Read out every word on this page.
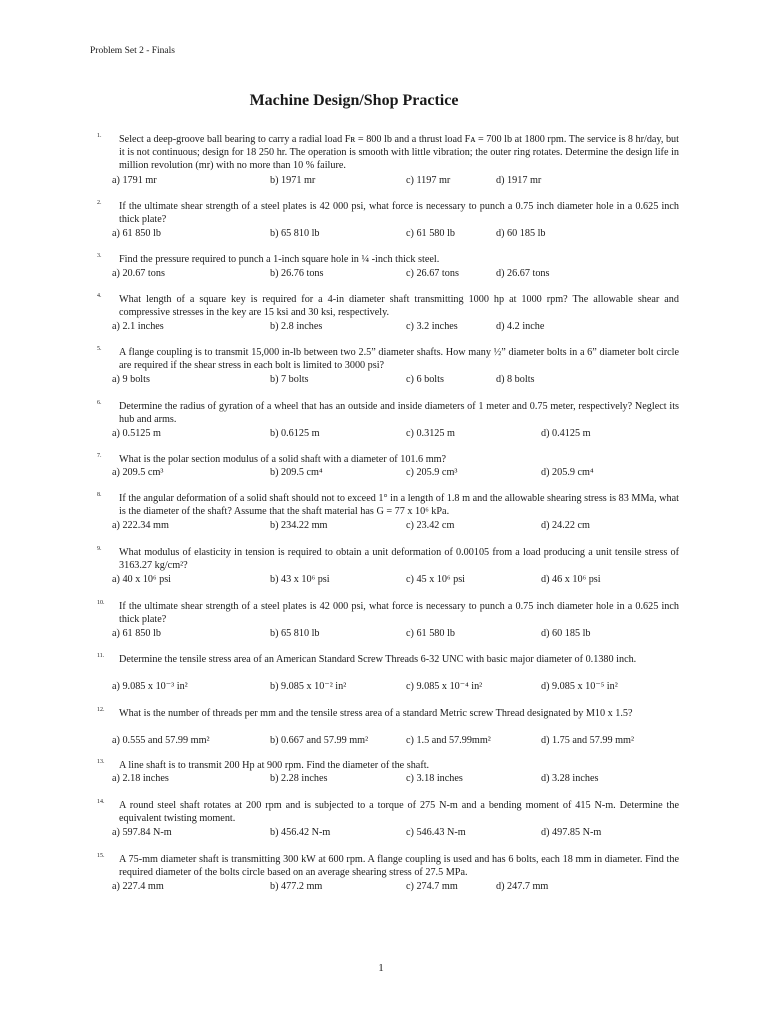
Problem Set 2 - Finals
Machine Design/Shop Practice
1. Select a deep-groove ball bearing to carry a radial load Fʀ = 800 lb and a thrust load Fᴀ = 700 lb at 1800 rpm. The service is 8 hr/day, but it is not continuous; design for 18 250 hr. The operation is smooth with little vibration; the outer ring rotates. Determine the design life in million revolution (mr) with no more than 10 % failure.
a) 1791 mr	b) 1971 mr	c) 1197 mr	d) 1917 mr
2. If the ultimate shear strength of a steel plates is 42 000 psi, what force is necessary to punch a 0.75 inch diameter hole in a 0.625 inch thick plate?
a) 61 850 lb	b) 65 810 lb	c) 61 580 lb	d) 60 185 lb
3. Find the pressure required to punch a 1-inch square hole in ¼ -inch thick steel.
a) 20.67 tons	b) 26.76 tons	c) 26.67 tons	d) 26.67 tons
4. What length of a square key is required for a 4-in diameter shaft transmitting 1000 hp at 1000 rpm? The allowable shear and compressive stresses in the key are 15 ksi and 30 ksi, respectively.
a) 2.1 inches	b) 2.8 inches	c) 3.2 inches	d) 4.2 inche
5. A flange coupling is to transmit 15,000 in-lb between two 2.5” diameter shafts. How many ½” diameter bolts in a 6” diameter bolt circle are required if the shear stress in each bolt is limited to 3000 psi?
a) 9 bolts	b) 7 bolts	c) 6 bolts	d) 8 bolts
6. Determine the radius of gyration of a wheel that has an outside and inside diameters of 1 meter and 0.75 meter, respectively? Neglect its hub and arms.
a) 0.5125 m	b) 0.6125 m	c) 0.3125 m	d) 0.4125 m
7. What is the polar section modulus of a solid shaft with a diameter of 101.6 mm?
a) 209.5 cm³	b) 209.5 cm⁴	c) 205.9 cm³	d) 205.9 cm⁴
8. If the angular deformation of a solid shaft should not to exceed 1° in a length of 1.8 m and the allowable shearing stress is 83 MMa, what is the diameter of the shaft? Assume that the shaft material has G = 77 x 10⁶ kPa.
a) 222.34 mm	b) 234.22 mm	c) 23.42 cm	d) 24.22 cm
9. What modulus of elasticity in tension is required to obtain a unit deformation of 0.00105 from a load producing a unit tensile stress of 3163.27 kg/cm²?
a) 40 x 10⁶ psi	b) 43 x 10⁶ psi	c) 45 x 10⁶ psi	d) 46 x 10⁶ psi
10. If the ultimate shear strength of a steel plates is 42 000 psi, what force is necessary to punch a 0.75 inch diameter hole in a 0.625 inch thick plate?
a) 61 850 lb	b) 65 810 lb	c) 61 580 lb	d) 60 185 lb
11. Determine the tensile stress area of an American Standard Screw Threads 6-32 UNC with basic major diameter of 0.1380 inch.
a) 9.085 x 10⁻³ in²	b) 9.085 x 10⁻² in²	c) 9.085 x 10⁻⁴ in²	d) 9.085 x 10⁻⁵ in²
12. What is the number of threads per mm and the tensile stress area of a standard Metric screw Thread designated by M10 x 1.5?
a) 0.555 and 57.99 mm²	b) 0.667 and 57.99 mm²	c) 1.5 and 57.99mm²	d) 1.75 and 57.99 mm²
13. A line shaft is to transmit 200 Hp at 900 rpm. Find the diameter of the shaft.
a) 2.18 inches	b) 2.28 inches	c) 3.18 inches	d) 3.28 inches
14. A round steel shaft rotates at 200 rpm and is subjected to a torque of 275 N-m and a bending moment of 415 N-m. Determine the equivalent twisting moment.
a) 597.84 N-m	b) 456.42 N-m	c) 546.43 N-m	d) 497.85 N-m
15. A 75-mm diameter shaft is transmitting 300 kW at 600 rpm. A flange coupling is used and has 6 bolts, each 18 mm in diameter. Find the required diameter of the bolts circle based on an average shearing stress of 27.5 MPa.
a) 227.4 mm	b) 477.2 mm	c) 274.7 mm	d) 247.7 mm
1
